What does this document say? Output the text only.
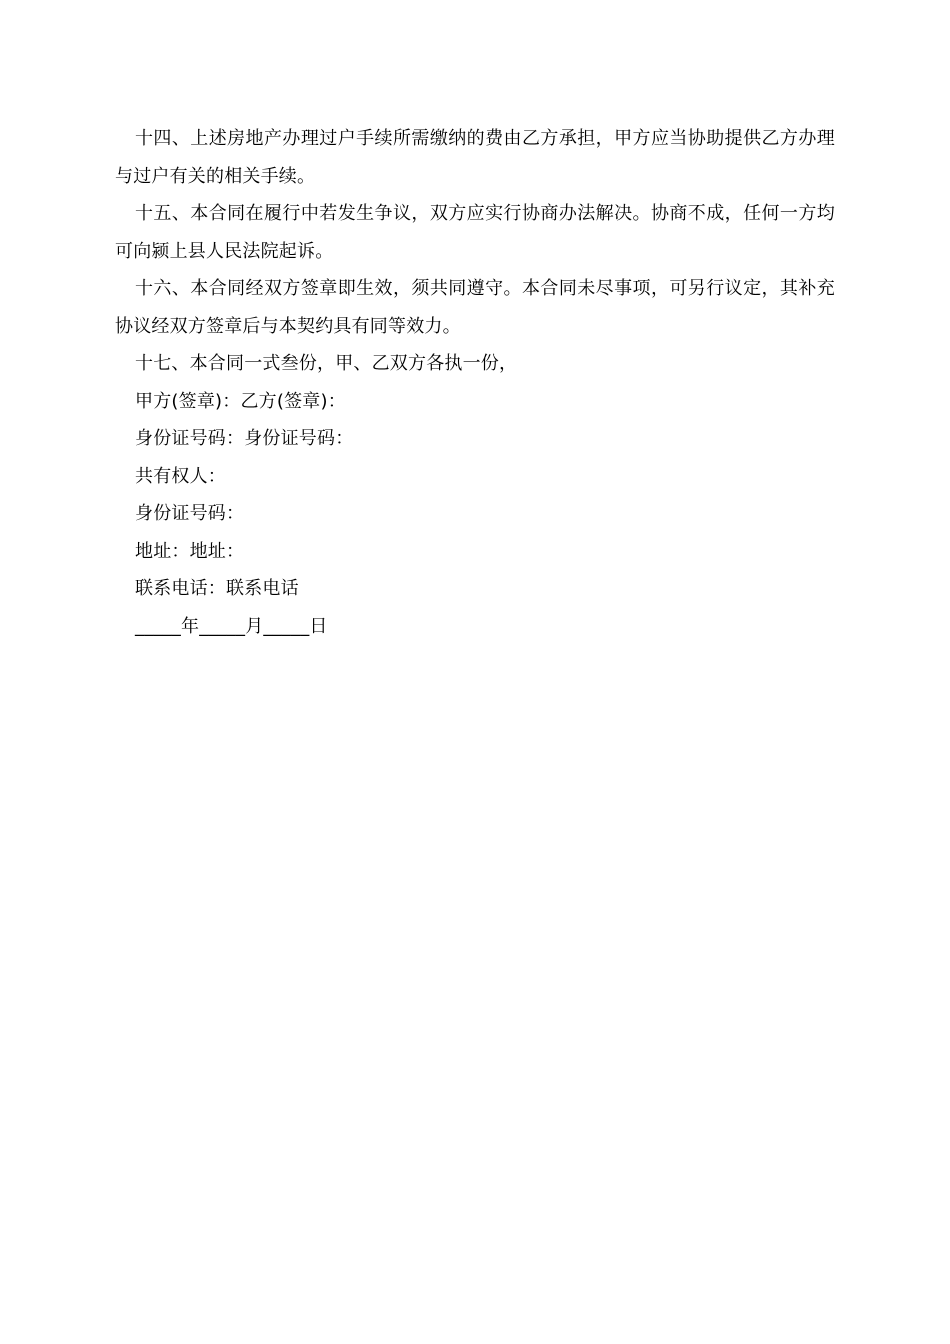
十四、上述房地产办理过户手续所需缴纳的费由乙方承担，甲方应当协助提供乙方办理与过户有关的相关手续。

十五、本合同在履行中若发生争议，双方应实行协商办法解决。协商不成，任何一方均可向颍上县人民法院起诉。

十六、本合同经双方签章即生效，须共同遵守。本合同未尽事项，可另行议定，其补充协议经双方签章后与本契约具有同等效力。

十七、本合同一式叁份，甲、乙双方各执一份，

甲方(签章)：乙方(签章)：
身份证号码：身份证号码：
共有权人：
身份证号码：
地址：地址：
联系电话：联系电话
_____年_____月_____日
